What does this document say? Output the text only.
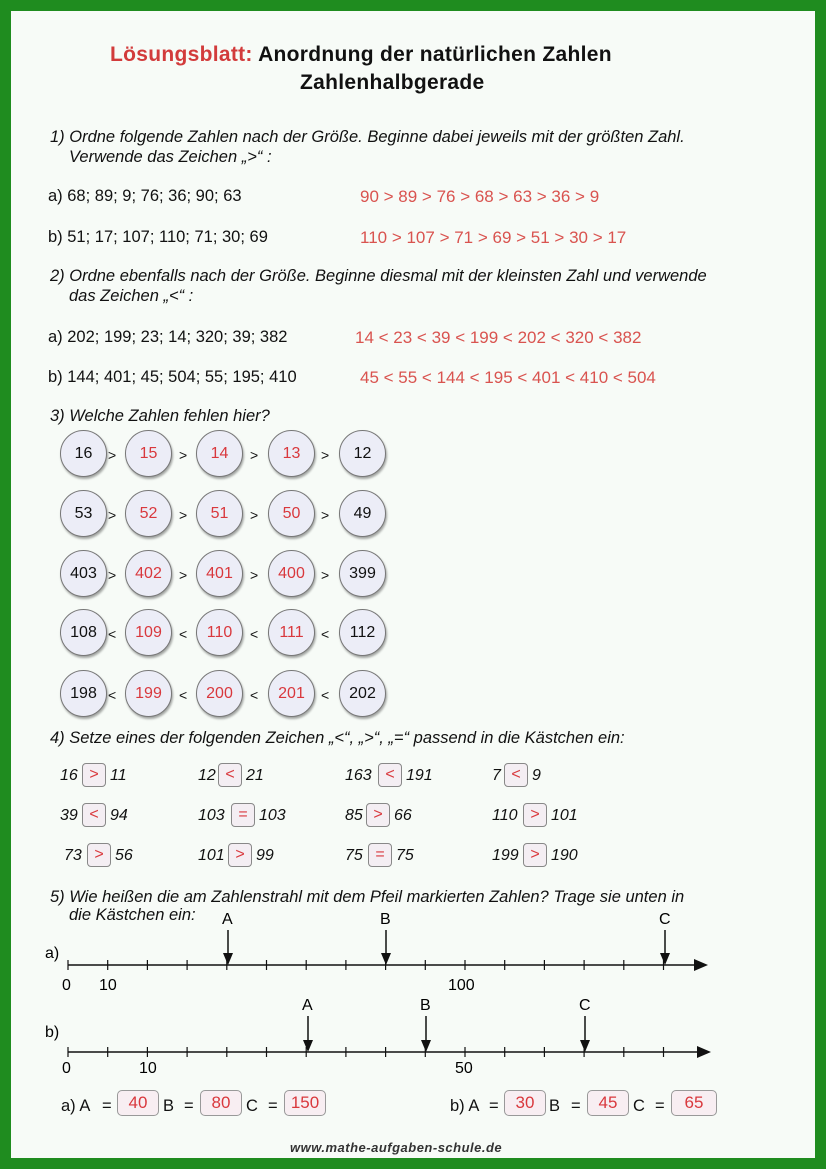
Lösungsblatt: Anordnung der natürlichen Zahlen
Zahlenhalbgerade
1) Ordne folgende Zahlen nach der Größe. Beginne dabei jeweils mit der größten Zahl.
Verwende das Zeichen „>“ :
a) 68; 89; 9; 76; 36; 90; 63	90 > 89 > 76 > 68 > 63 > 36 > 9
b) 51; 17; 107; 110; 71; 30; 69	110 > 107 > 71 > 69 > 51 > 30 > 17
2) Ordne ebenfalls nach der Größe. Beginne diesmal mit der kleinsten Zahl und verwende
das Zeichen „<“ :
a) 202; 199; 23; 14; 320; 39; 382	14 < 23 < 39 < 199 < 202 < 320 < 382
b) 144; 401; 45; 504; 55; 195; 410	45 < 55 < 144 < 195 < 401 < 410 < 504
3) Welche Zahlen fehlen hier?
16	>	15	>	14	>	13	>	12
53	>	52	>	51	>	50	>	49
403 >	402	>	401	>	400	>	399
108 <	109	<	110	<	111	<	112
198 <	199	<	200	<	201	<	202
4) Setze eines der folgenden Zeichen „<“, „>“, „=“ passend in die Kästchen ein:
16 > 11	12 < 21	163 < 191	7 < 9
39 < 94	103 = 103	85 > 66	110 > 101
73 > 56	101 > 99	75 = 75	199 > 190
5) Wie heißen die am Zahlenstrahl mit dem Pfeil markierten Zahlen? Trage sie unten in
die Kästchen ein: A	B	C
A	B	C
a)
b)
0 10	100
0	10	50
a) A = 40 B =	80 C = 150	b) A = 30 B =	45 C =	65
www.mathe-aufgaben-schule.de
